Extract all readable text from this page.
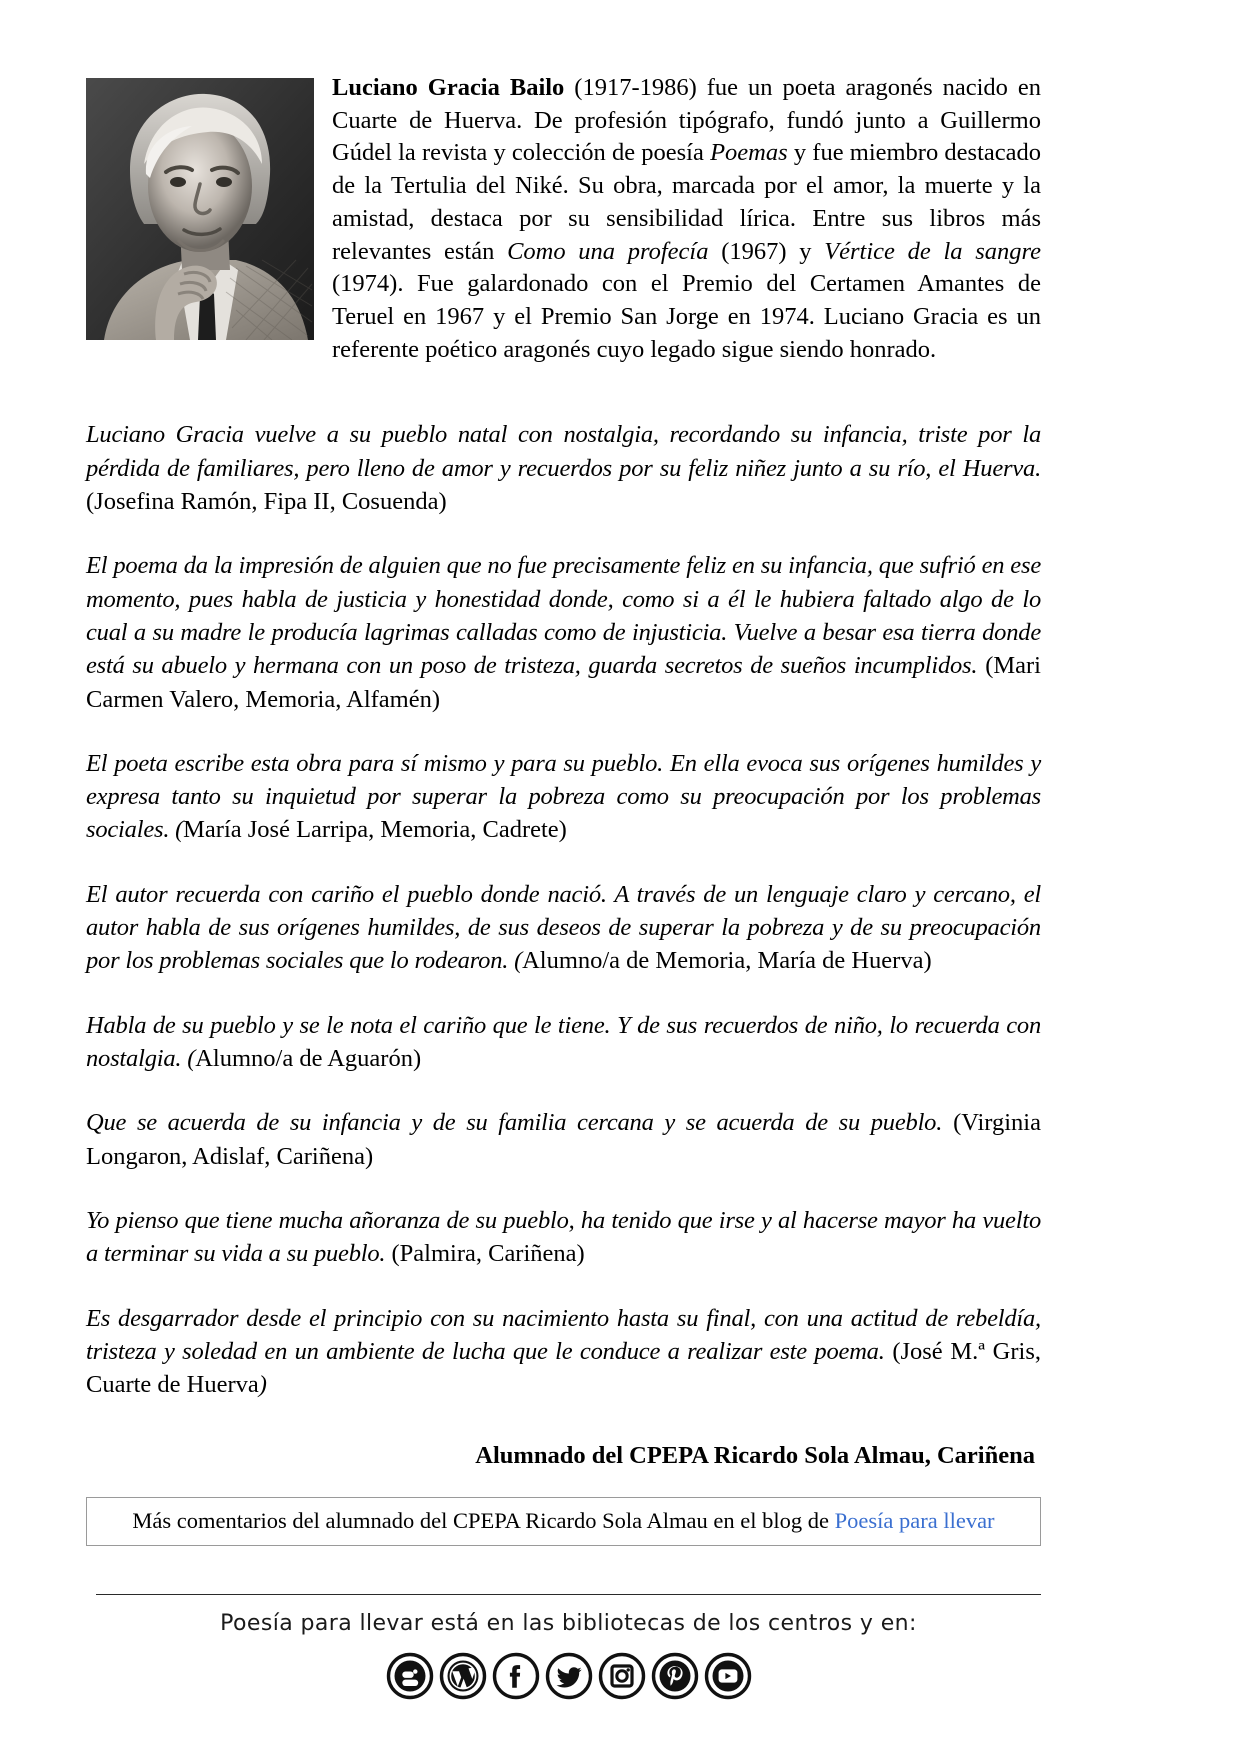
Luciano Gracia Bailo (1917-1986) fue un poeta aragonés nacido en Cuarte de Huerva. De profesión tipógrafo, fundó junto a Guillermo Gúdel la revista y colección de poesía Poemas y fue miembro destacado de la Tertulia del Niké. Su obra, marcada por el amor, la muerte y la amistad, destaca por su sensibilidad lírica. Entre sus libros más relevantes están Como una profecía (1967) y Vértice de la sangre (1974). Fue galardonado con el Premio del Certamen Amantes de Teruel en 1967 y el Premio San Jorge en 1974. Luciano Gracia es un referente poético aragonés cuyo legado sigue siendo honrado.

Luciano Gracia vuelve a su pueblo natal con nostalgia, recordando su infancia, triste por la pérdida de familiares, pero lleno de amor y recuerdos por su feliz niñez junto a su río, el Huerva. (Josefina Ramón, Fipa II, Cosuenda)

El poema da la impresión de alguien que no fue precisamente feliz en su infancia, que sufrió en ese momento, pues habla de justicia y honestidad donde, como si a él le hubiera faltado algo de lo cual a su madre le producía lagrimas calladas como de injusticia. Vuelve a besar esa tierra donde está su abuelo y hermana con un poso de tristeza, guarda secretos de sueños incumplidos. (Mari Carmen Valero, Memoria, Alfamén)

El poeta escribe esta obra para sí mismo y para su pueblo. En ella evoca sus orígenes humildes y expresa tanto su inquietud por superar la pobreza como su preocupación por los problemas sociales. (María José Larripa, Memoria, Cadrete)

El autor recuerda con cariño el pueblo donde nació. A través de un lenguaje claro y cercano, el autor habla de sus orígenes humildes, de sus deseos de superar la pobreza y de su preocupación por los problemas sociales que lo rodearon. (Alumno/a de Memoria, María de Huerva)

Habla de su pueblo y se le nota el cariño que le tiene. Y de sus recuerdos de niño, lo recuerda con nostalgia. (Alumno/a de Aguarón)

Que se acuerda de su infancia y de su familia cercana y se acuerda de su pueblo. (Virginia Longaron, Adislaf, Cariñena)

Yo pienso que tiene mucha añoranza de su pueblo, ha tenido que irse y al hacerse mayor ha vuelto a terminar su vida a su pueblo. (Palmira, Cariñena)

Es desgarrador desde el principio con su nacimiento hasta su final, con una actitud de rebeldía, tristeza y soledad en un ambiente de lucha que le conduce a realizar este poema. (José M.ª Gris, Cuarte de Huerva)

Alumnado del CPEPA Ricardo Sola Almau, Cariñena
Más comentarios del alumnado del CPEPA Ricardo Sola Almau en el blog de Poesía para llevar
Poesía para llevar está en las bibliotecas de los centros y en:
